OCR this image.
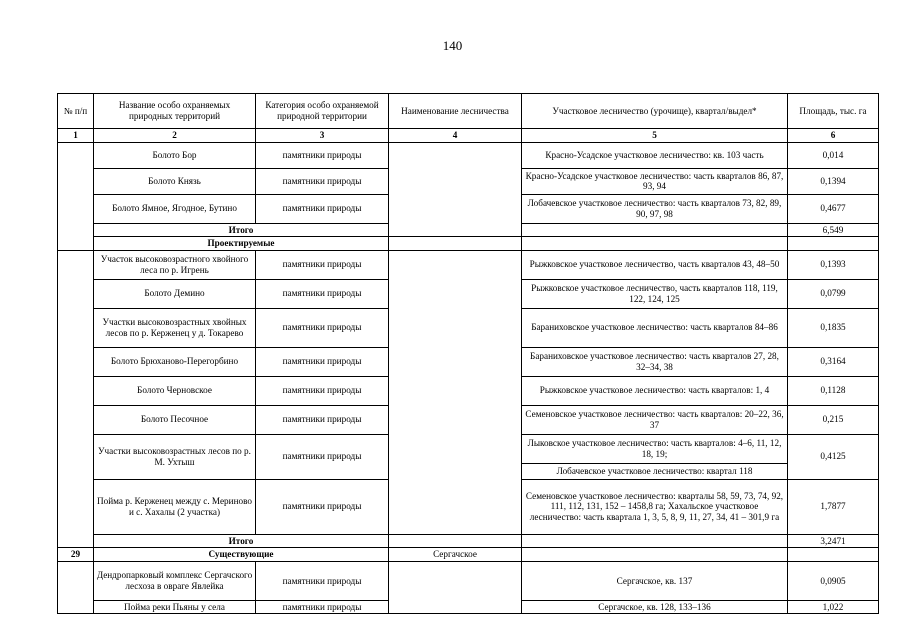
140
№ п/п	Название особо охраняемых природных территорий	Категория особо охраняемой природной территории	Наименование лесничества	Участковое лесничество (урочище), квартал/выдел*	Площадь, тыс. га
1	2	3	4	5	6
	Болото Бор	памятники природы		Красно-Усадское участковое лесничество: кв. 103 часть	0,014
	Болото Князь	памятники природы		Красно-Усадское участковое лесничество: часть кварталов 86, 87, 93, 94	0,1394
	Болото Ямное, Ягодное, Бутино	памятники природы		Лобачевское участковое лесничество: часть кварталов 73, 82, 89, 90, 97, 98	0,4677
	Итого				6,549
	Проектируемые				
	Участок высоковозрастного хвойного леса по р. Игрень	памятники природы		Рыжковское участковое лесничество, часть кварталов 43, 48–50	0,1393
	Болото Демино	памятники природы		Рыжковское участковое лесничество, часть кварталов 118, 119, 122, 124, 125	0,0799
	Участки высоковозрастных хвойных лесов по р. Керженец у д. Токарево	памятники природы		Бараниховское участковое лесничество: часть кварталов 84–86	0,1835
	Болото Брюханово-Перегорбино	памятники природы		Бараниховское участковое лесничество: часть кварталов 27, 28, 32–34, 38	0,3164
	Болото Черновское	памятники природы		Рыжковское участковое лесничество: часть кварталов: 1, 4	0,1128
	Болото Песочное	памятники природы		Семеновское участковое лесничество: часть кварталов: 20–22, 36, 37	0,215
	Участки высоковозрастных лесов по р. М. Ухтыш	памятники природы		Лыковское участковое лесничество: часть кварталов: 4–6, 11, 12, 18, 19;	0,4125
				Лобачевское участковое лесничество: квартал 118	
	Пойма р. Керженец между с. Мериново и с. Хахалы (2 участка)	памятники природы		Семеновское участковое лесничество: кварталы 58, 59, 73, 74, 92, 111, 112, 131, 152 – 1458,8 га; Хахальское участковое лесничество: часть квартала 1, 3, 5, 8, 9, 11, 27, 34, 41 – 301,9 га	1,7877
	Итого				3,2471
29	Существующие		Сергачское		
	Дендропарковый комплекс Сергачского лесхоза в овраге Явлейка	памятники природы		Сергачское, кв. 137	0,0905
	Пойма реки Пьяны у села	памятники природы		Сергачское, кв. 128, 133–136	1,022
